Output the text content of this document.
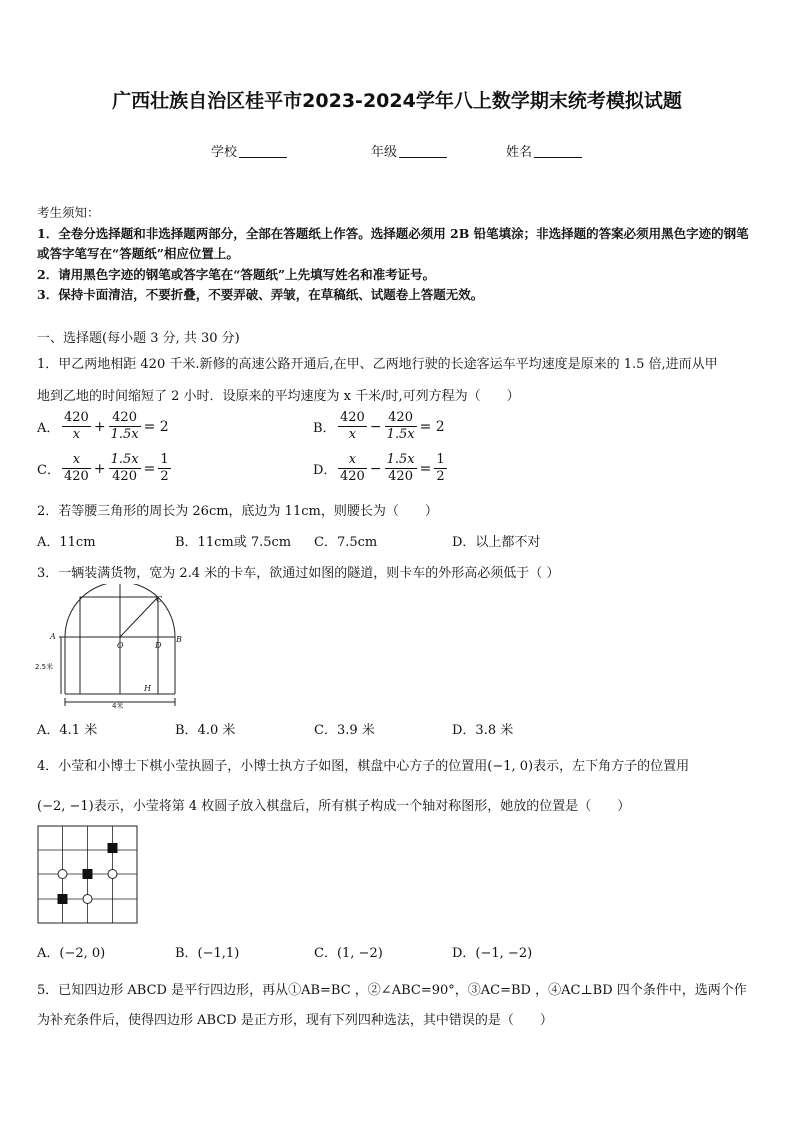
广西壮族自治区桂平市2023-2024学年八上数学期末统考模拟试题
学校	年级	姓名
考生须知：
1．全卷分选择题和非选择题两部分，全部在答题纸上作答。选择题必须用 2B 铅笔填涂；非选择题的答案必须用黑色字迹的钢笔或答字笔写在“答题纸”相应位置上。
2．请用黑色字迹的钢笔或答字笔在“答题纸”上先填写姓名和准考证号。
3．保持卡面清洁，不要折叠，不要弄破、弄皱，在草稿纸、试题卷上答题无效。
一、选择题(每小题 3 分, 共 30 分)
1．甲乙两地相距 420 千米.新修的高速公路开通后,在甲、乙两地行驶的长途客运车平均速度是原来的 1.5 倍,进而从甲
地到乙地的时间缩短了 2 小时．设原来的平均速度为 x 千米/时,可列方程为（　　）
A． $\frac{420}{x} + \frac{420}{1.5x} = 2$	B． $\frac{420}{x} - \frac{420}{1.5x} = 2$
C． $\frac{x}{420} + \frac{1.5x}{420} = \frac{1}{2}$	D． $\frac{x}{420} - \frac{1.5x}{420} = \frac{1}{2}$
2．若等腰三角形的周长为 26cm，底边为 11cm，则腰长为（　　）
A．11cm	B．11cm或 7.5cm C．7.5cm	D．以上都不对
3．一辆装满货物，宽为 2.4 米的卡车，欲通过如图的隧道，则卡车的外形高必须低于（ ）
A	B
C
D
O
H
2.5米
4米
A．4.1 米	B．4.0 米	C．3.9 米	D．3.8 米
4．小莹和小博士下棋小莹执圆子，小博士执方子如图，棋盘中心方子的位置用(−1, 0)表示，左下角方子的位置用
(−2, −1)表示，小莹将第 4 枚圆子放入棋盘后，所有棋子构成一个轴对称图形，她放的位置是（　　）
A．(−2, 0)	B．(−1,1)	C．(1, −2)	D．(−1, −2)
5．已知四边形 ABCD 是平行四边形，再从①AB=BC ，②∠ABC=90°，③AC=BD ，④AC⊥BD 四个条件中，选两个作
为补充条件后，使得四边形 ABCD 是正方形，现有下列四种选法，其中错误的是（　　）
